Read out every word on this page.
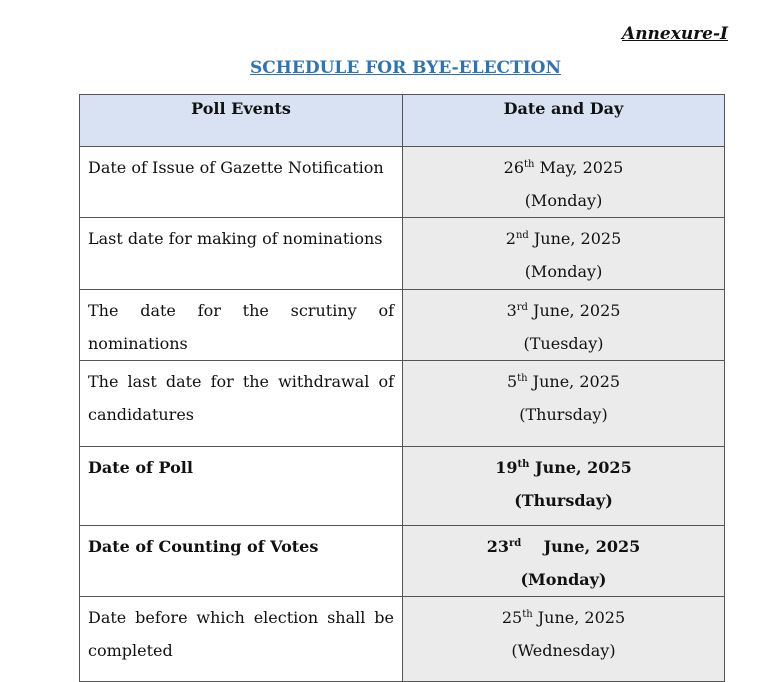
Annexure-I
SCHEDULE FOR BYE-ELECTION
Poll Events	Date and Day
Date of Issue of Gazette Notification	26th May, 2025
(Monday)

Last date for making of nominations	2nd June, 2025
(Monday)

The date for the scrutiny of nominations	3rd June, 2025
(Tuesday)

The last date for the withdrawal of candidatures	5th June, 2025
(Thursday)

Date of Poll	19th June, 2025
(Thursday)

Date of Counting of Votes	23rd    June, 2025
(Monday)

Date before which election shall be completed	25th June, 2025
(Wednesday)
